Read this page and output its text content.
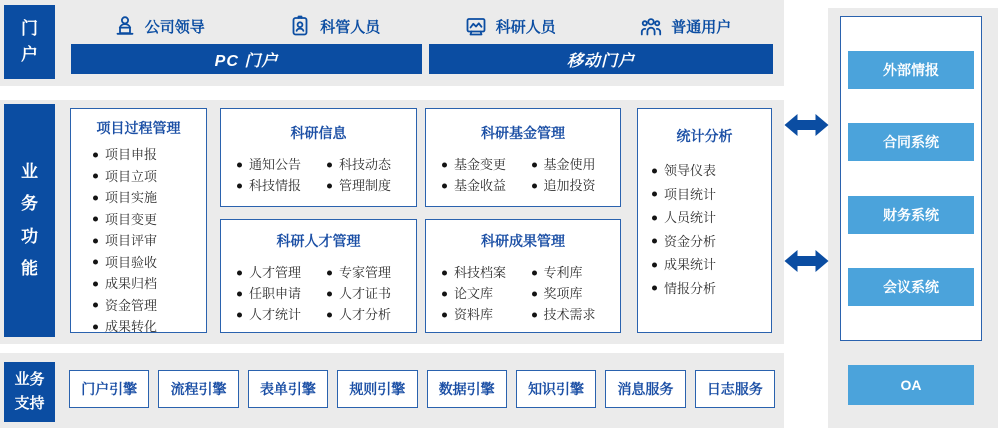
门户
公司领导	科管人员	科研人员	普通用户
PC 门户	移动门户
业务功能
项目过程管理
项目申报
项目立项
项目实施
项目变更
项目评审
项目验收
成果归档
资金管理
成果转化
科研信息
通知公告
科技情报
科技动态
管理制度
科研人才管理
人才管理
任职申请
人才统计
专家管理
人才证书
人才分析
科研基金管理
基金变更
基金收益
基金使用
追加投资
科研成果管理
科技档案
论文库
资料库
专利库
奖项库
技术需求
统计分析
领导仪表
项目统计
人员统计
资金分析
成果统计
情报分析
业务支持
门户引擎	流程引擎	表单引擎	规则引擎	数据引擎	知识引擎	消息服务	日志服务
外部情报
合同系统
财务系统
会议系统
OA
